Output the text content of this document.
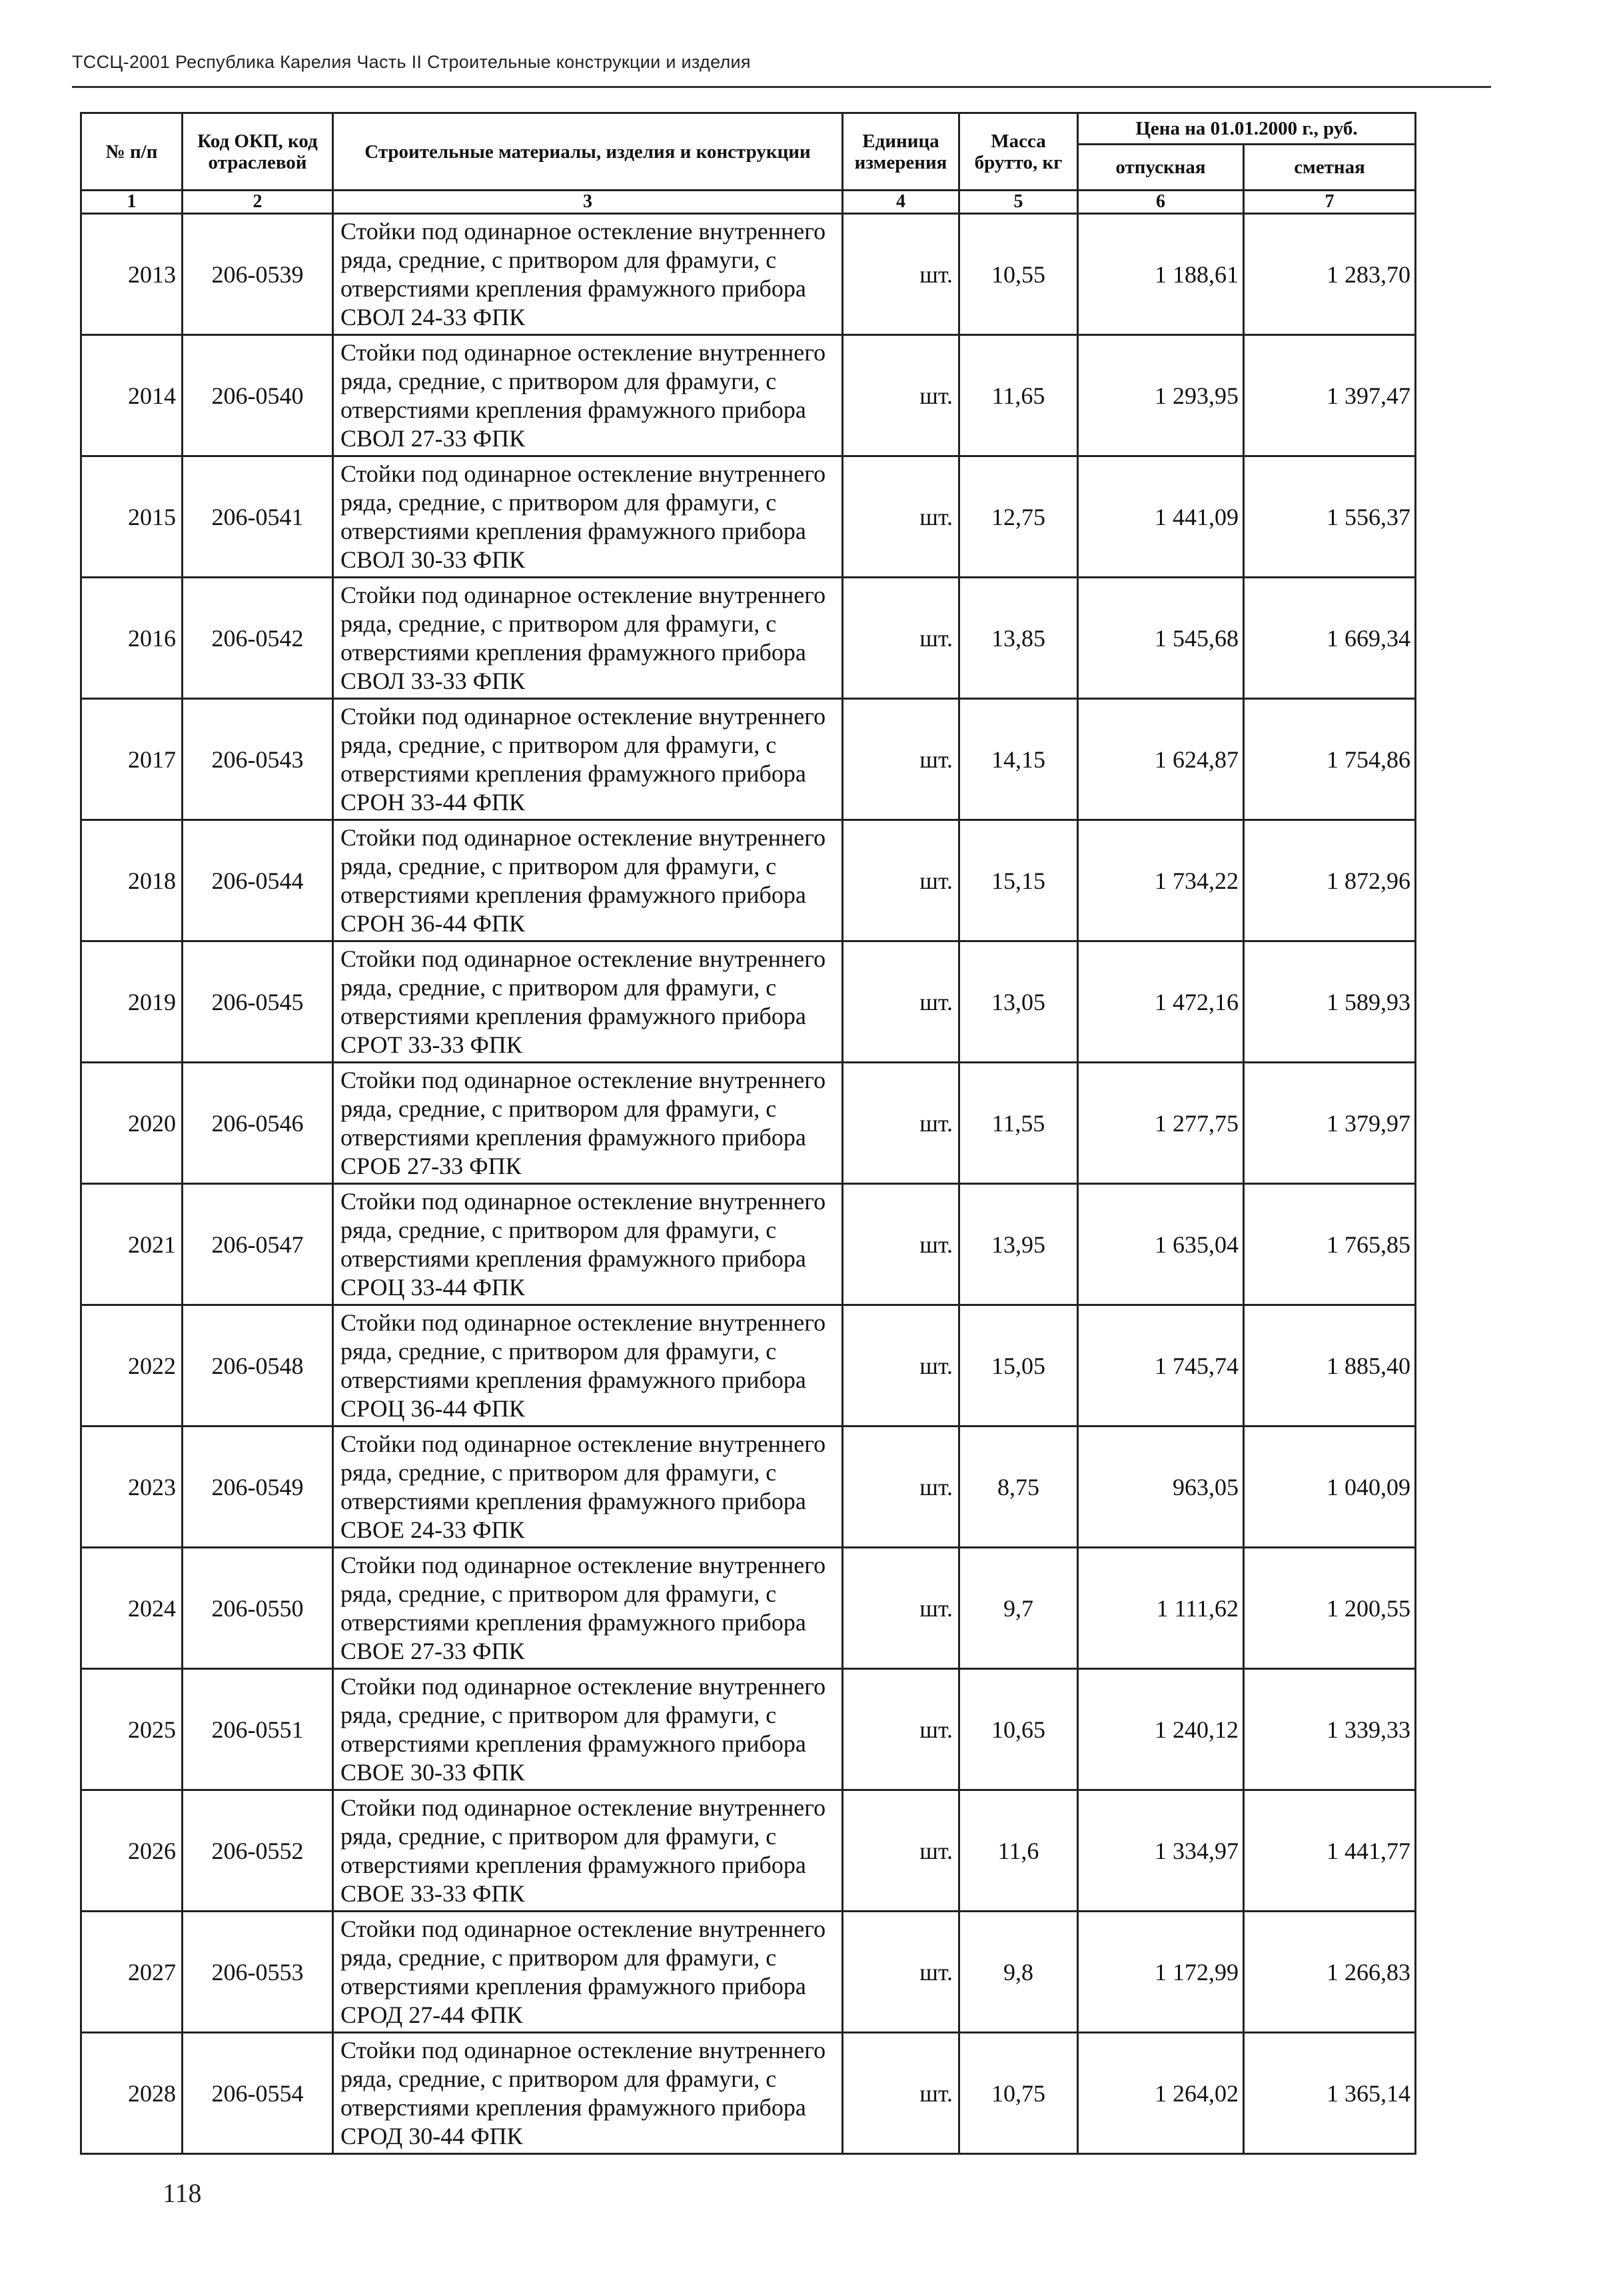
ТССЦ-2001 Республика Карелия Часть II Строительные конструкции и изделия
№ п/п	Код ОКП, код отраслевой	Строительные материалы, изделия и конструкции	Единица измерения	Масса брутто, кг	Цена на 01.01.2000 г., руб.	
					отпускная	сметная
1	2	3	4	5	6	7
2013	206-0539	Стойки под одинарное остекление внутреннего ряда, средние, с притвором для фрамуги, с отверстиями крепления фрамужного прибора СВОЛ 24-33 ФПК	шт.	10,55	1 188,61	1 283,70
2014	206-0540	Стойки под одинарное остекление внутреннего ряда, средние, с притвором для фрамуги, с отверстиями крепления фрамужного прибора СВОЛ 27-33 ФПК	шт.	11,65	1 293,95	1 397,47
2015	206-0541	Стойки под одинарное остекление внутреннего ряда, средние, с притвором для фрамуги, с отверстиями крепления фрамужного прибора СВОЛ 30-33 ФПК	шт.	12,75	1 441,09	1 556,37
2016	206-0542	Стойки под одинарное остекление внутреннего ряда, средние, с притвором для фрамуги, с отверстиями крепления фрамужного прибора СВОЛ 33-33 ФПК	шт.	13,85	1 545,68	1 669,34
2017	206-0543	Стойки под одинарное остекление внутреннего ряда, средние, с притвором для фрамуги, с отверстиями крепления фрамужного прибора СРОН 33-44 ФПК	шт.	14,15	1 624,87	1 754,86
2018	206-0544	Стойки под одинарное остекление внутреннего ряда, средние, с притвором для фрамуги, с отверстиями крепления фрамужного прибора СРОН 36-44 ФПК	шт.	15,15	1 734,22	1 872,96
2019	206-0545	Стойки под одинарное остекление внутреннего ряда, средние, с притвором для фрамуги, с отверстиями крепления фрамужного прибора СРОТ 33-33 ФПК	шт.	13,05	1 472,16	1 589,93
2020	206-0546	Стойки под одинарное остекление внутреннего ряда, средние, с притвором для фрамуги, с отверстиями крепления фрамужного прибора СРОБ 27-33 ФПК	шт.	11,55	1 277,75	1 379,97
2021	206-0547	Стойки под одинарное остекление внутреннего ряда, средние, с притвором для фрамуги, с отверстиями крепления фрамужного прибора СРОЦ 33-44 ФПК	шт.	13,95	1 635,04	1 765,85
2022	206-0548	Стойки под одинарное остекление внутреннего ряда, средние, с притвором для фрамуги, с отверстиями крепления фрамужного прибора СРОЦ 36-44 ФПК	шт.	15,05	1 745,74	1 885,40
2023	206-0549	Стойки под одинарное остекление внутреннего ряда, средние, с притвором для фрамуги, с отверстиями крепления фрамужного прибора СВОЕ 24-33 ФПК	шт.	8,75	963,05	1 040,09
2024	206-0550	Стойки под одинарное остекление внутреннего ряда, средние, с притвором для фрамуги, с отверстиями крепления фрамужного прибора СВОЕ 27-33 ФПК	шт.	9,7	1 111,62	1 200,55
2025	206-0551	Стойки под одинарное остекление внутреннего ряда, средние, с притвором для фрамуги, с отверстиями крепления фрамужного прибора СВОЕ 30-33 ФПК	шт.	10,65	1 240,12	1 339,33
2026	206-0552	Стойки под одинарное остекление внутреннего ряда, средние, с притвором для фрамуги, с отверстиями крепления фрамужного прибора СВОЕ 33-33 ФПК	шт.	11,6	1 334,97	1 441,77
2027	206-0553	Стойки под одинарное остекление внутреннего ряда, средние, с притвором для фрамуги, с отверстиями крепления фрамужного прибора СРОД 27-44 ФПК	шт.	9,8	1 172,99	1 266,83
2028	206-0554	Стойки под одинарное остекление внутреннего ряда, средние, с притвором для фрамуги, с отверстиями крепления фрамужного прибора СРОД 30-44 ФПК	шт.	10,75	1 264,02	1 365,14
118
